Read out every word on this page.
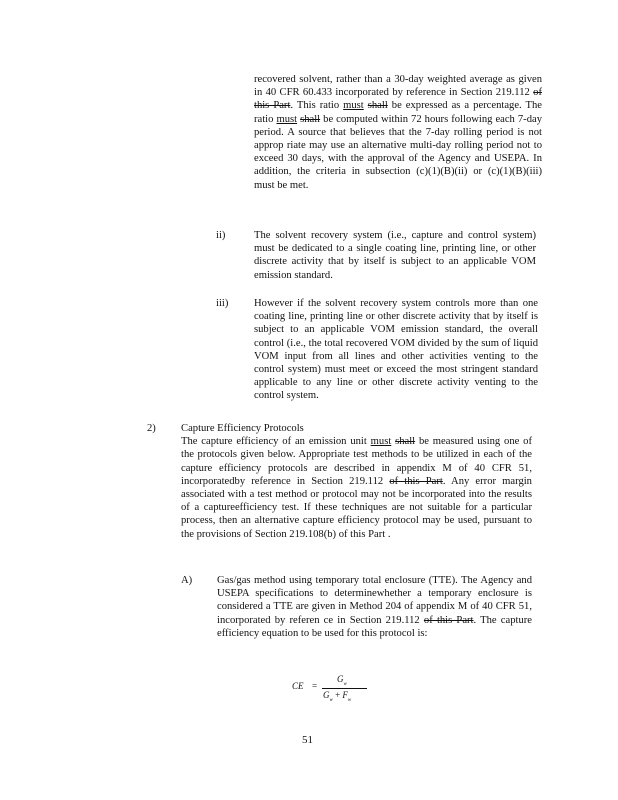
recovered solvent, rather than a 30-day weighted average as given in 40 CFR 60.433 incorporated by reference in Section 219.112 of this Part. This ratio must shall be expressed as a percentage. The ratio must shall be computed within 72 hours following each 7-day period. A source that believes that the 7-day rolling period is not approp riate may use an alternative multi-day rolling period not to exceed 30 days, with the approval of the Agency and USEPA. In addition, the criteria in subsection (c)(1)(B)(ii) or (c)(1)(B)(iii) must be met.

ii)	The solvent recovery system (i.e., capture and control system) must be dedicated to a single coating line, printing line, or other discrete activity that by itself is subject to an applicable VOM emission standard.

iii) However if the solvent recovery system controls more than one coating line, printing line or other discrete activity that by itself is subject to an applicable VOM emission standard, the overall control (i.e., the total recovered VOM divided by the sum of liquid VOM input from all lines and other activities venting to the control system) must meet or exceed the most stringent standard applicable to any line or other discrete activity venting to the control system.

2) Capture Efficiency Protocols

The capture efficiency of an emission unit must shall be measured using one of the protocols given below. Appropriate test methods to be utilized in each of the capture efficiency protocols are described in appendix M of 40 CFR 51, incorporatedby reference in Section 219.112 of this Part. Any error margin associated with a test method or protocol may not be incorporated into the results of a captureefficiency test. If these techniques are not suitable for a particular process, then an alternative capture efficiency protocol may be used, pursuant to the provisions of Section 219.108(b) of this Part .

A) Gas/gas method using temporary total enclosure (TTE). The Agency and USEPA specifications to determinewhether a temporary enclosure is considered a TTE are given in Method 204 of appendix M of 40 CFR 51, incorporated by referen ce in Section 219.112 of this Part. The capture efficiency equation to be used for this protocol is:

CE =
$G_w$
$G_w + F_w$
51
